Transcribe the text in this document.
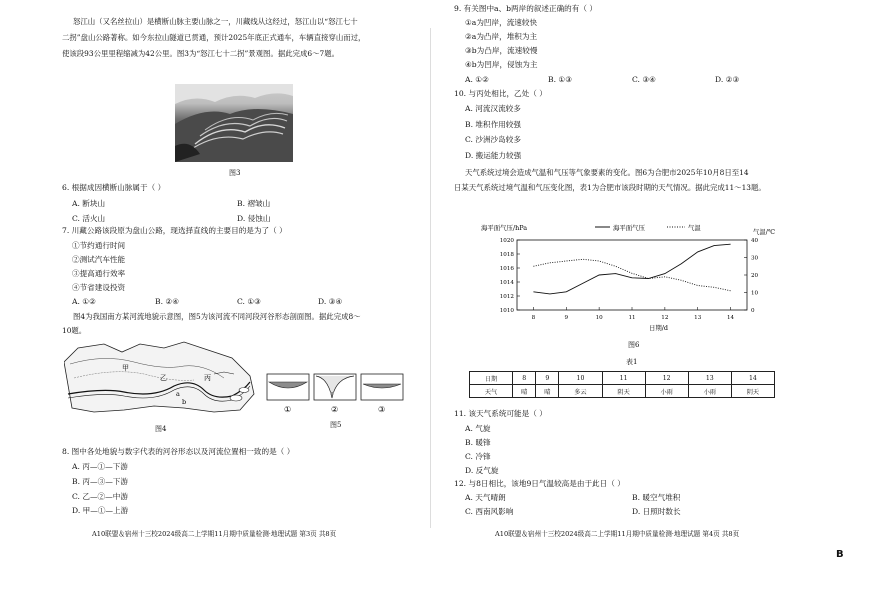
怒江山（又名丝拉山）是横断山脉主要山脉之一，川藏线从这经过，怒江山以“怒江七十
二拐”盘山公路著称。如今东拉山隧道已贯通，预计2025年底正式通车，车辆直接穿山而过，
使该段93公里里程缩减为42公里。图3为“怒江七十二拐”景观图。据此完成6～7题。
图3
6. 根据成因横断山脉属于（ ）
A. 断块山	B. 褶皱山
C. 活火山	D. 侵蚀山
7. 川藏公路该段原为盘山公路，现选择直线的主要目的是为了（ ）
①节约通行时间
②测试汽车性能
③提高通行效率
④节省建设投资
A. ①②	B. ②④	C. ①③	D. ③④
图4为我国南方某河流地貌示意图，图5为该河流不同河段河谷形态剖面图。据此完成8～
10题。
甲
乙	丙
a
b
图4
①	②	③
图5
8. 图中各处地貌与数字代表的河谷形态以及河流位置相一致的是（ ）
A. 丙—①—下游
B. 丙—③—下游
C. 乙—②—中游
D. 甲—①—上游
A10联盟＆宿州十三校2024级高二上学期11月期中质量检测·地理试题 第3页 共8页
9. 有关图中a、b两岸的叙述正确的有（ ）
①a为凹岸，流速较快
②a为凸岸，堆积为主
③b为凸岸，流速较慢
④b为凹岸，侵蚀为主
A. ①②	B. ①③	C. ③④	D. ②③
10. 与丙处相比，乙处（ ）
A. 河流汉流较多
B. 堆积作用较强
C. 沙洲沙岛较多
D. 搬运能力较强
天气系统过境会造成气温和气压等气象要素的变化。图6为合肥市2025年10月8日至14
日某天气系统过境气温和气压变化图，表1为合肥市该段时期的天气情况。据此完成11～13题。
1010
1012
1014
1016
1018
1020
0
10
20
30
40
8	9	10	11	12	13	14
海平面气压/hPa	气温/℃
日期/d
海平面气压	气温
图6
表1
11. 该天气系统可能是（ ）
A. 气旋
B. 暖锋
C. 冷锋
D. 反气旋
12. 与8日相比，该地9日气温较高是由于此日（ ）
A. 天气晴朗	B. 暖空气堆积
C. 西南风影响	D. 日照时数长
A10联盟＆宿州十三校2024级高二上学期11月期中质量检测·地理试题 第4页 共8页
日期	8	9	10	11	12	13	14
天气	晴	晴	多云	阴天	小雨	小雨	阴天
B
